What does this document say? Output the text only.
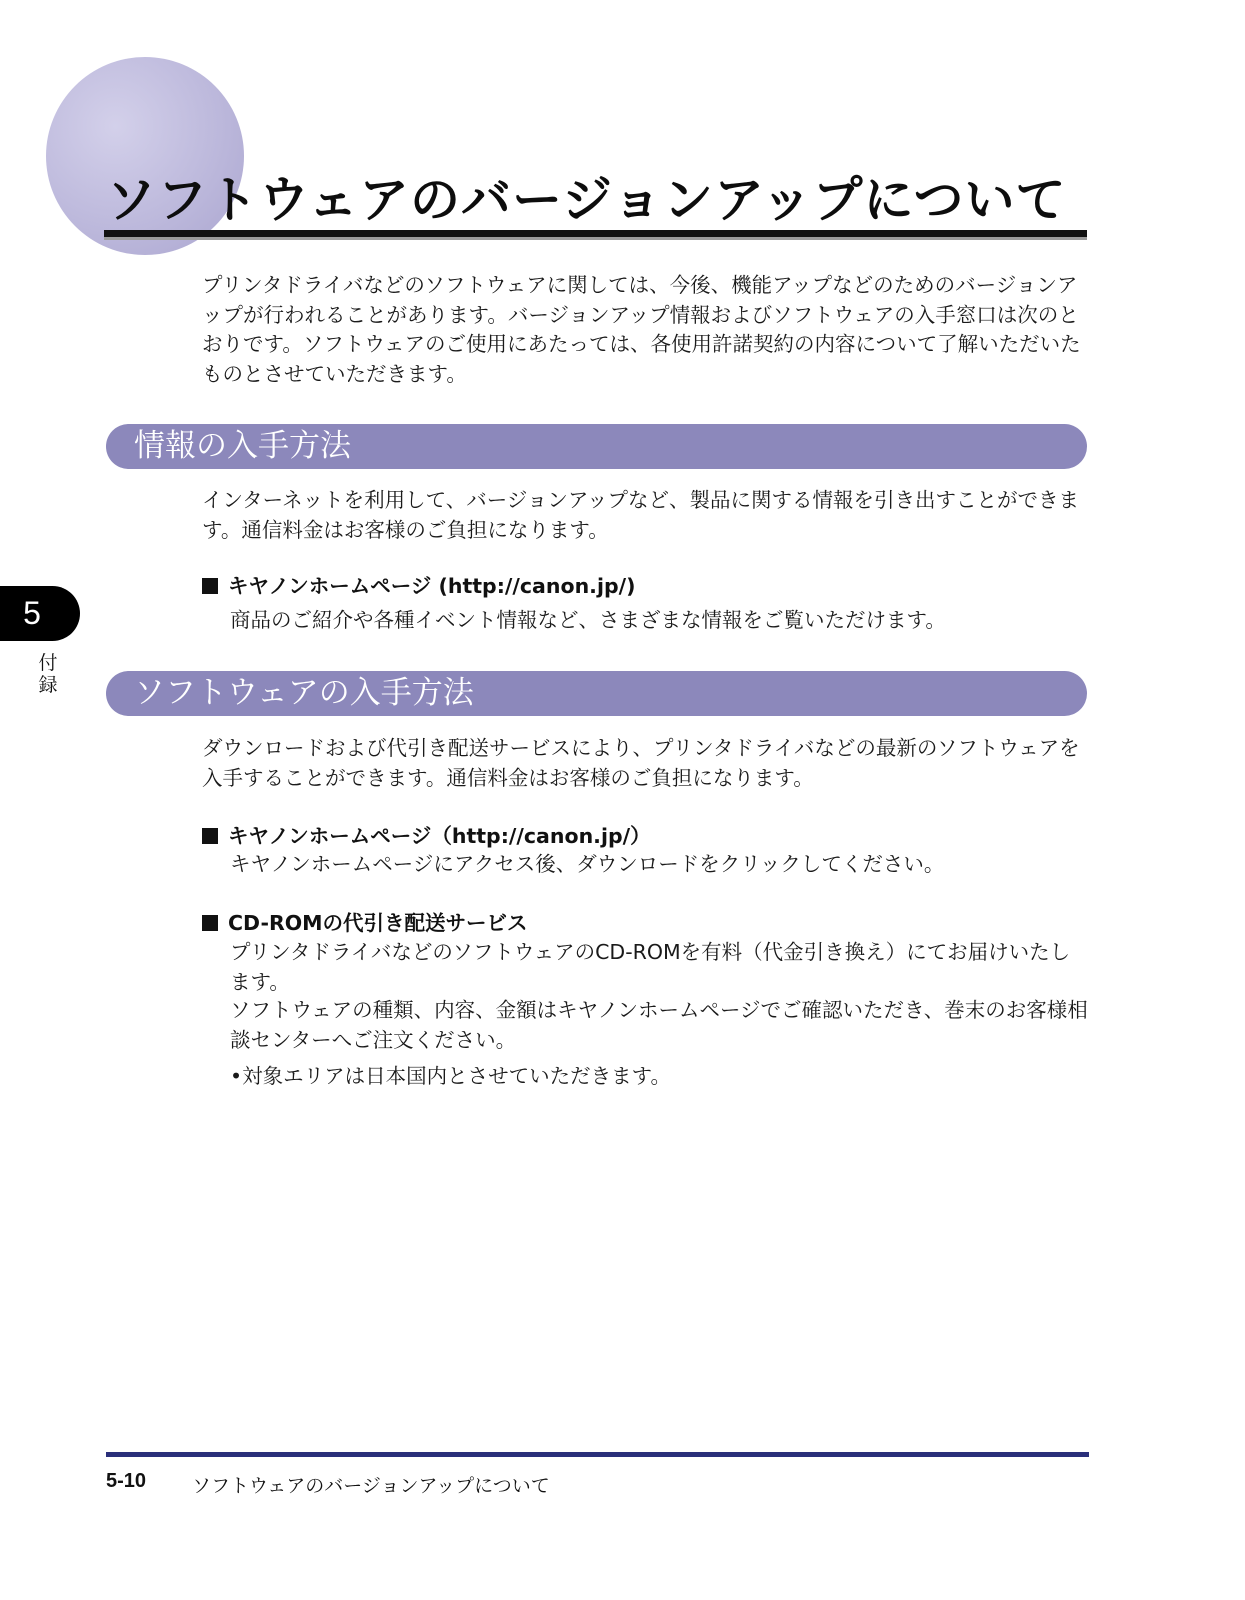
ソフトウェアのバージョンアップについて

プリンタドライバなどのソフトウェアに関しては、今後、機能アップなどのためのバージョンアップが行われることがあります。バージョンアップ情報およびソフトウェアの入手窓口は次のとおりです。ソフトウェアのご使用にあたっては、各使用許諾契約の内容について了解いただいたものとさせていただきます。

情報の入手方法

インターネットを利用して、バージョンアップなど、製品に関する情報を引き出すことができます。通信料金はお客様のご負担になります。

キヤノンホームページ (http://canon.jp/)

商品のご紹介や各種イベント情報など、さまざまな情報をご覧いただけます。

ソフトウェアの入手方法

ダウンロードおよび代引き配送サービスにより、プリンタドライバなどの最新のソフトウェアを入手することができます。通信料金はお客様のご負担になります。

キヤノンホームページ（http://canon.jp/）

キヤノンホームページにアクセス後、ダウンロードをクリックしてください。

CD-ROMの代引き配送サービス

プリンタドライバなどのソフトウェアのCD-ROMを有料（代金引き換え）にてお届けいたします。

ソフトウェアの種類、内容、金額はキヤノンホームページでご確認いただき、巻末のお客様相談センターへご注文ください。

•対象エリアは日本国内とさせていただきます。

5
付録
5-10 ソフトウェアのバージョンアップについて
